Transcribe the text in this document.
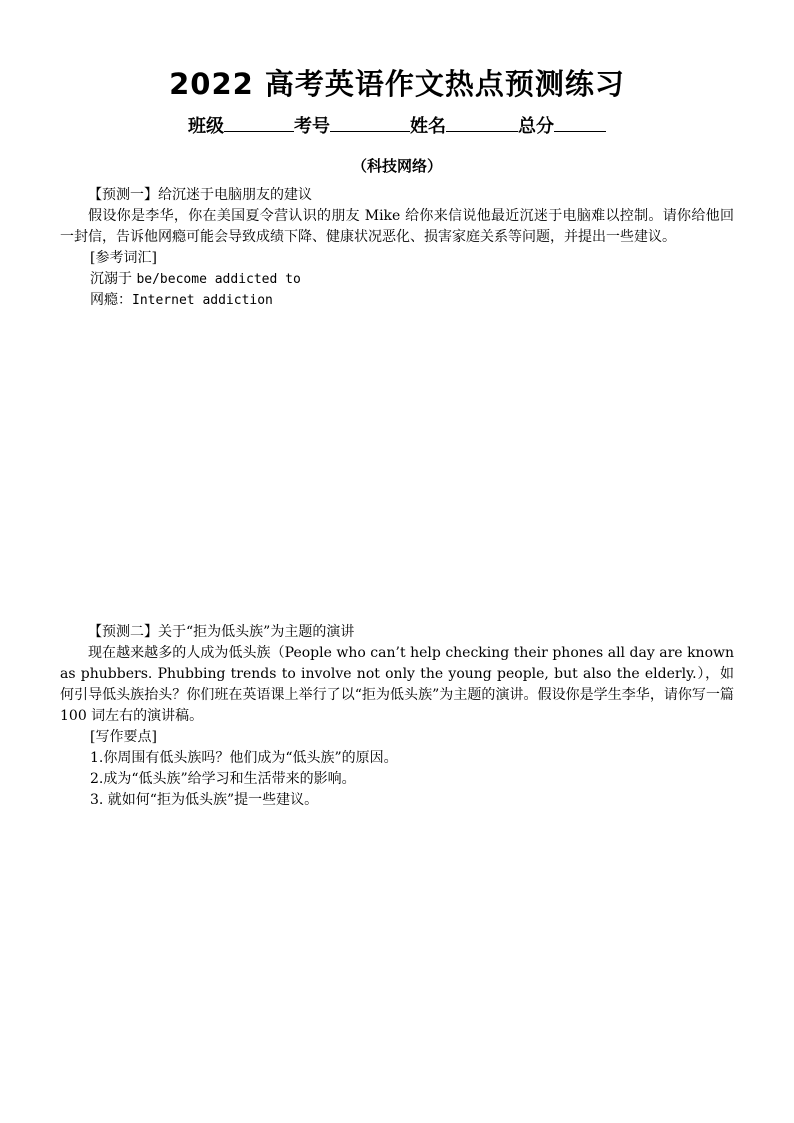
2022 高考英语作文热点预测练习
班级	考号	姓名	总分
（科技网络）

【预测一】给沉迷于电脑朋友的建议

假设你是李华，你在美国夏令营认识的朋友 Mike 给你来信说他最近沉迷于电脑难以控制。请你给他回一封信，告诉他网瘾可能会导致成绩下降、健康状况恶化、损害家庭关系等问题，并提出一些建议。

[参考词汇]

沉溺于 be/become addicted to

网瘾：Internet addiction

【预测二】关于“拒为低头族”为主题的演讲

现在越来越多的人成为低头族（People who can’t help checking their phones all day are known as phubbers. Phubbing trends to involve not only the young people, but also the elderly.），如何引导低头族抬头？你们班在英语课上举行了以“拒为低头族”为主题的演讲。假设你是学生李华，请你写一篇 100 词左右的演讲稿。

[写作要点]

1.你周围有低头族吗？他们成为“低头族”的原因。

2.成为“低头族”给学习和生活带来的影响。

3. 就如何“拒为低头族”提一些建议。
